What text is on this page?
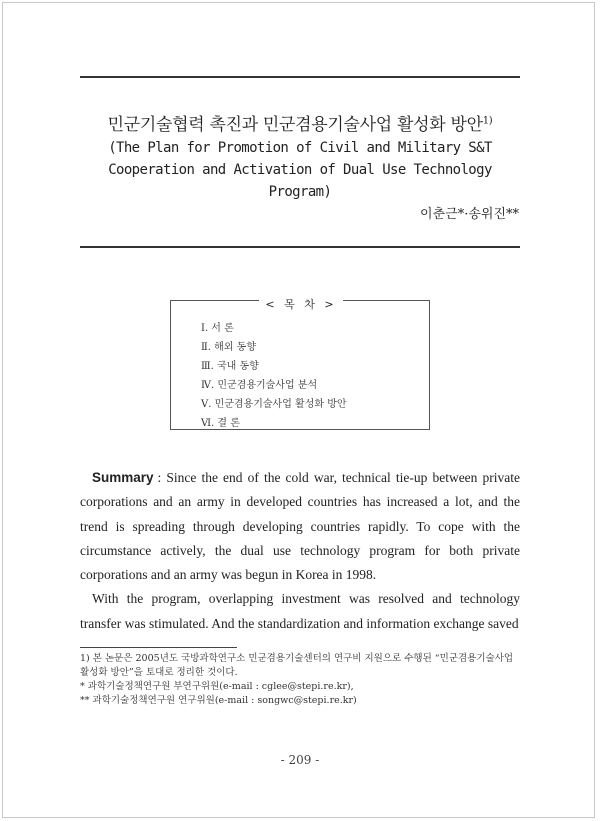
민군기술협력 촉진과 민군겸용기술사업 활성화 방안$^{1)}$
(The Plan for Promotion of Civil and Military S&T
Cooperation and Activation of Dual Use Technology Program)
이춘근*·송위진**
< 목 차 >
Ⅰ. 서 론
Ⅱ. 해외 동향
Ⅲ. 국내 동향
Ⅳ. 민군겸용기술사업 분석
Ⅴ. 민군겸용기술사업 활성화 방안
Ⅵ. 결 론

Summary : Since the end of the cold war, technical tie-up between private corporations and an army in developed countries has increased a lot, and the trend is spreading through developing countries rapidly. To cope with the circumstance actively, the dual use technology program for both private corporations and an army was begun in Korea in 1998.

With the program, overlapping investment was resolved and technology transfer was stimulated. And the standardization and information exchange saved

1) 본 논문은 2005년도 국방과학연구소 민군겸용기술센터의 연구비 지원으로 수행된 “민군겸용기술사업 활성화 방안”을 토대로 정리한 것이다.

* 과학기술정책연구원 부연구위원(e-mail : cglee@stepi.re.kr),

** 과학기술정책연구원 연구위원(e-mail : songwc@stepi.re.kr)

- 209 -
